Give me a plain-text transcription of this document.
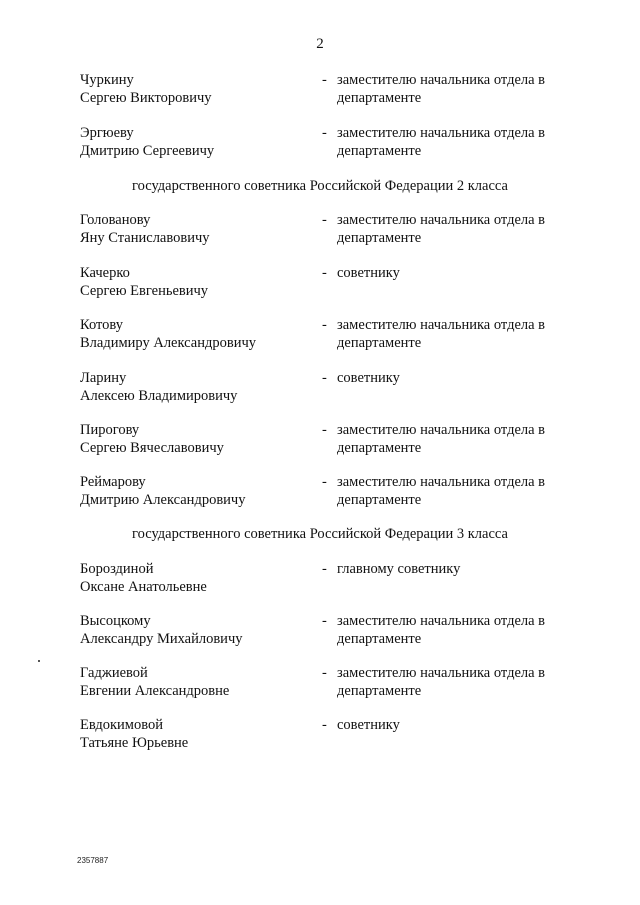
2
Чуркину
Сергею Викторовичу
- заместителю начальника отдела в
департаменте
Эргюеву
Дмитрию Сергеевичу
- заместителю начальника отдела в
департаменте
государственного советника Российской Федерации 2 класса
Голованову
Яну Станиславовичу
- заместителю начальника отдела в
департаменте
Качерко
Сергею Евгеньевичу
- советнику
Котову
Владимиру Александровичу
- заместителю начальника отдела в
департаменте
Ларину
Алексею Владимировичу
- советнику
Пирогову
Сергею Вячеславовичу
- заместителю начальника отдела в
департаменте
Реймарову
Дмитрию Александровичу
- заместителю начальника отдела в
департаменте
государственного советника Российской Федерации 3 класса
Бороздиной
Оксане Анатольевне
- главному советнику
Высоцкому
Александру Михайловичу
- заместителю начальника отдела в
департаменте
Гаджиевой
Евгении Александровне
- заместителю начальника отдела в
департаменте
Евдокимовой
Татьяне Юрьевне
- советнику
2357887
